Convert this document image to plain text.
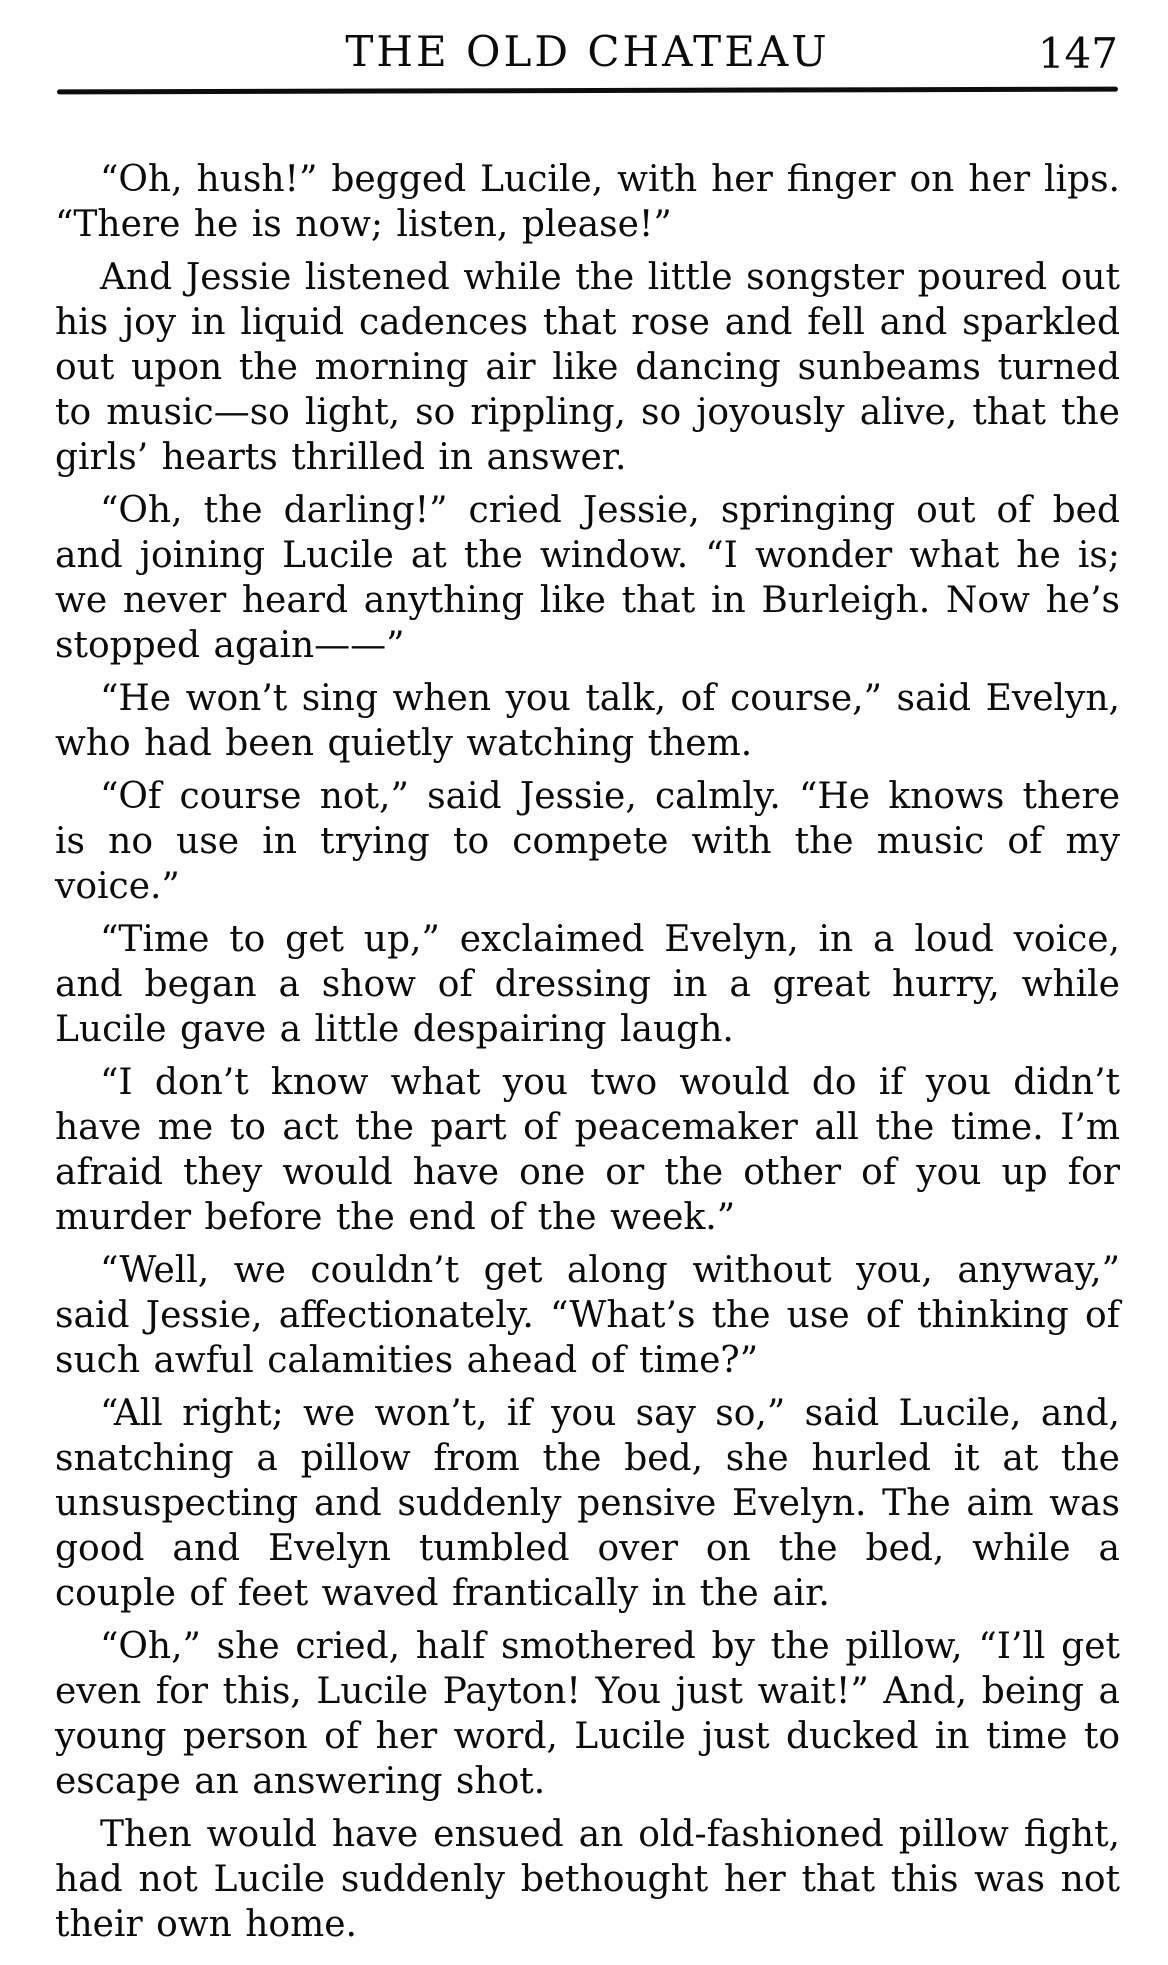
THE OLD CHATEAU	147

“Oh, hush!” begged Lucile, with her finger on her lips. “There he is now; listen, please!”

And Jessie listened while the little songster poured out his joy in liquid cadences that rose and fell and sparkled out upon the morning air like dancing sunbeams turned to music—so light, so rippling, so joyously alive, that the girls’ hearts thrilled in answer.

“Oh, the darling!” cried Jessie, springing out of bed and joining Lucile at the window. “I wonder what he is; we never heard anything like that in Burleigh. Now he’s stopped again——”

“He won’t sing when you talk, of course,” said Evelyn, who had been quietly watching them.

“Of course not,” said Jessie, calmly. “He knows there is no use in trying to compete with the music of my voice.”

“Time to get up,” exclaimed Evelyn, in a loud voice, and began a show of dressing in a great hurry, while Lucile gave a little despairing laugh.

“I don’t know what you two would do if you didn’t have me to act the part of peacemaker all the time. I’m afraid they would have one or the other of you up for murder before the end of the week.”

“Well, we couldn’t get along without you, anyway,” said Jessie, affectionately. “What’s the use of thinking of such awful calamities ahead of time?”

“All right; we won’t, if you say so,” said Lucile, and, snatching a pillow from the bed, she hurled it at the unsuspecting and suddenly pensive Evelyn. The aim was good and Evelyn tumbled over on the bed, while a couple of feet waved frantically in the air.

“Oh,” she cried, half smothered by the pillow, “I’ll get even for this, Lucile Payton! You just wait!” And, being a young person of her word, Lucile just ducked in time to escape an answering shot.

Then would have ensued an old-fashioned pillow fight, had not Lucile suddenly bethought her that this was not their own home.
